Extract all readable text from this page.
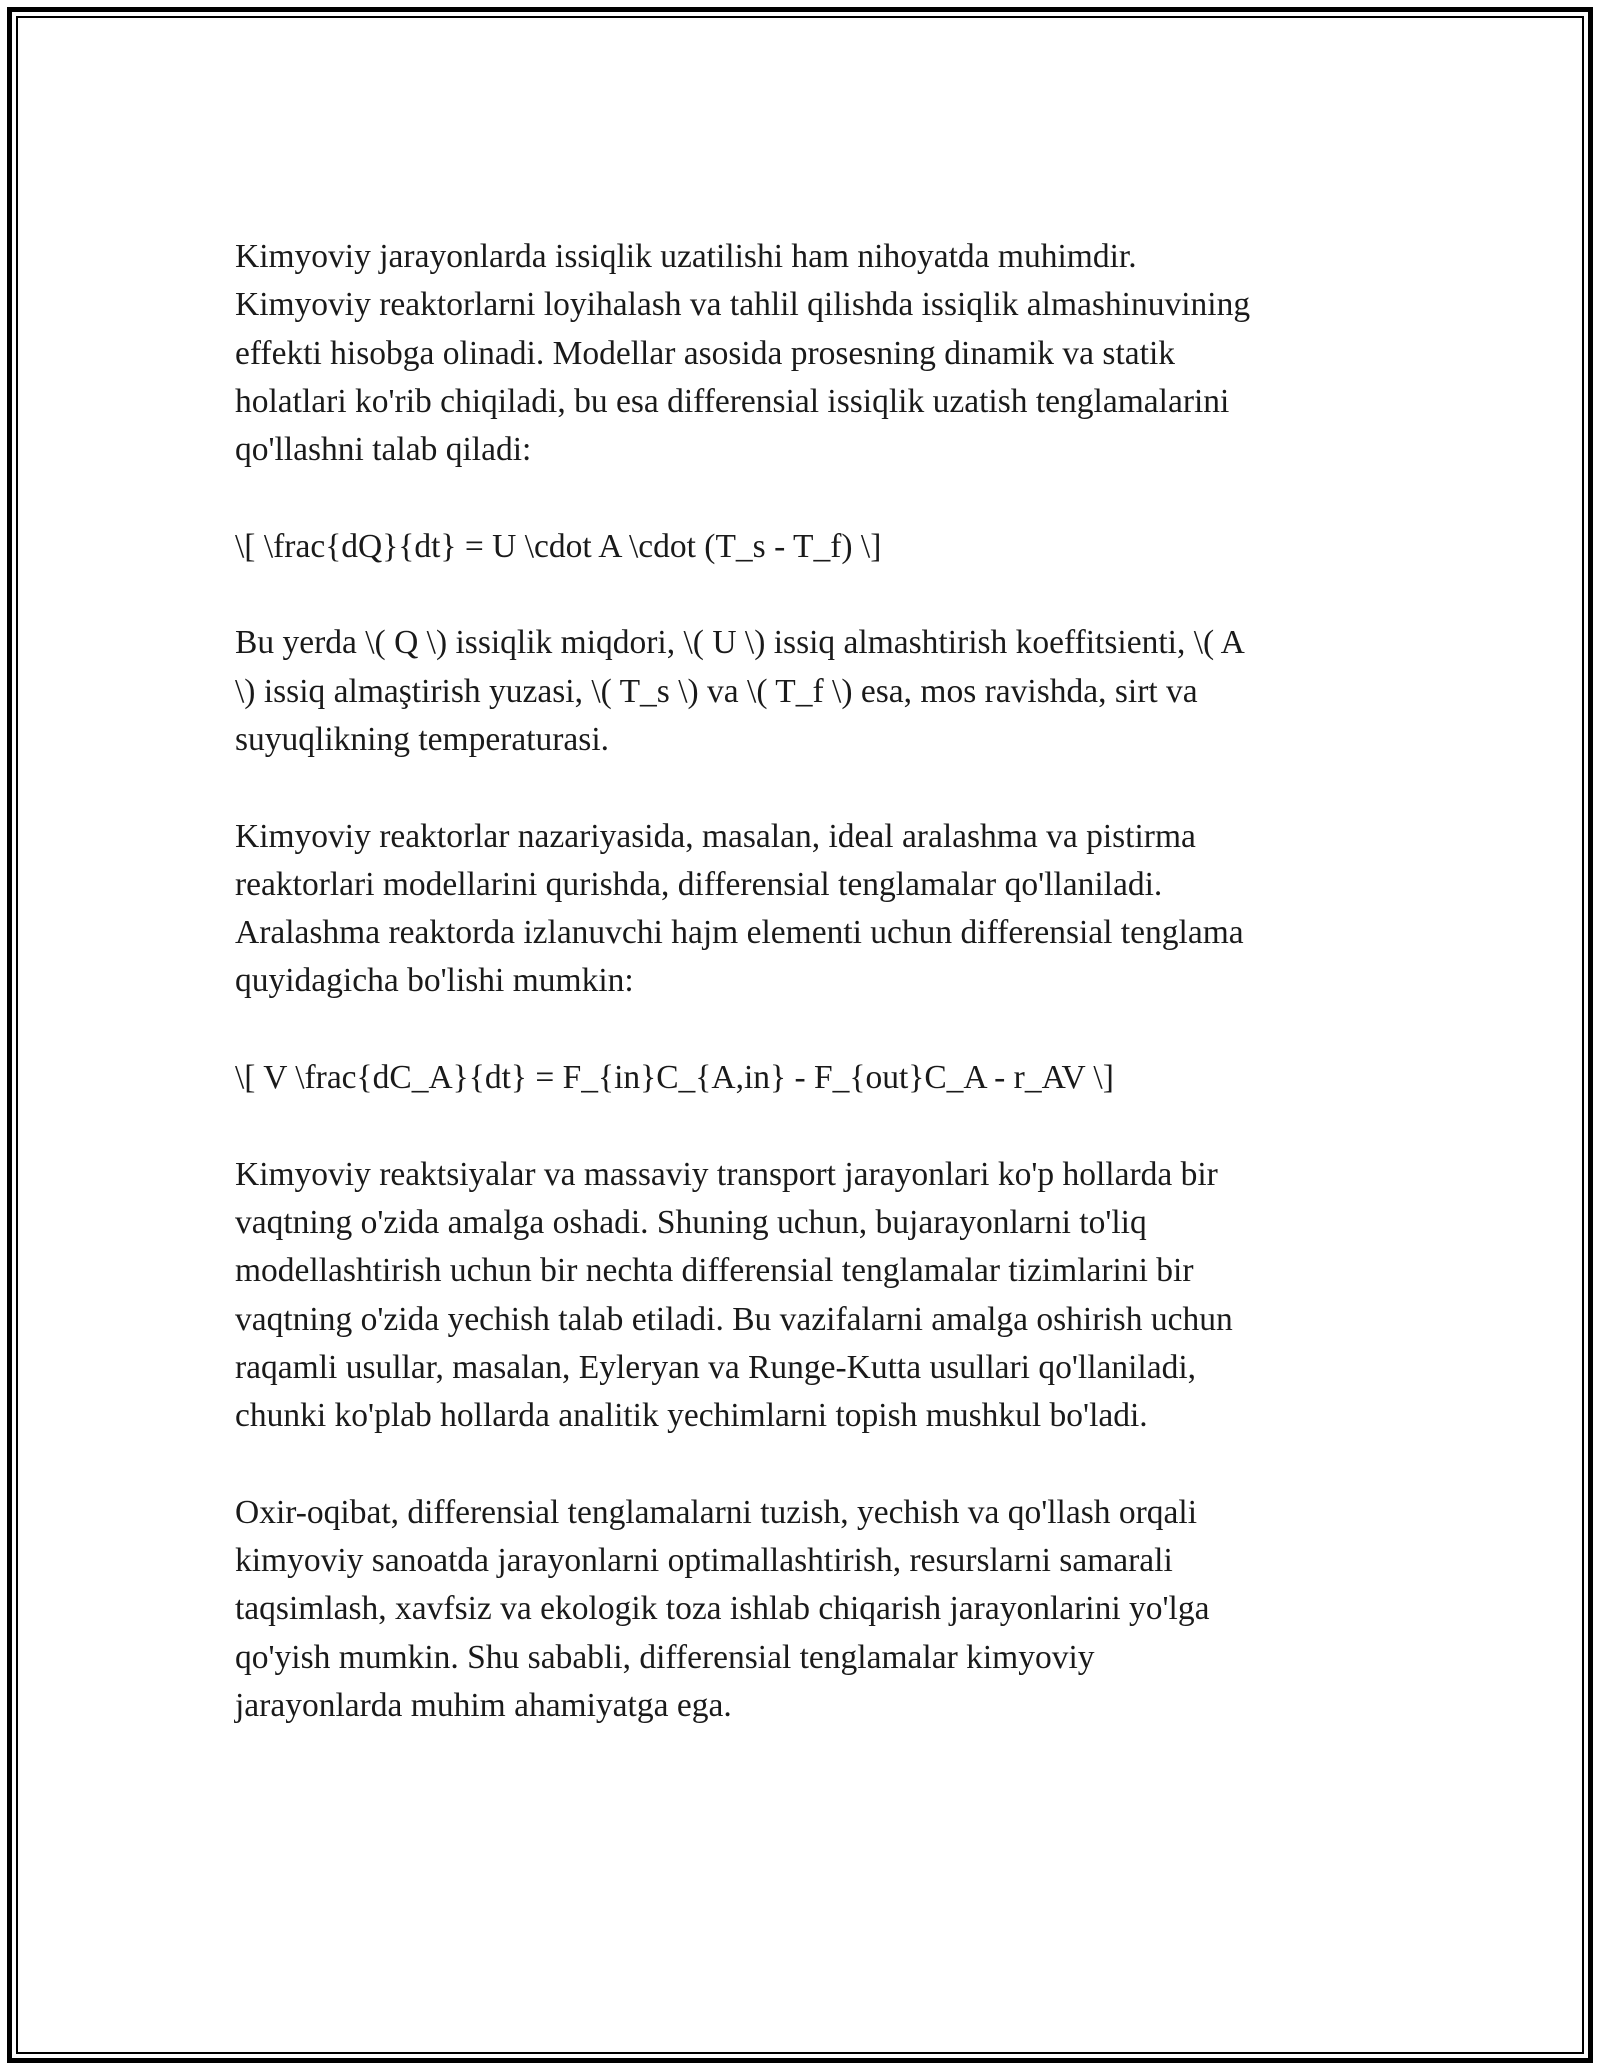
Kimyoviy jarayonlarda issiqlik uzatilishi ham nihoyatda muhimdir.
Kimyoviy reaktorlarni loyihalash va tahlil qilishda issiqlik almashinuvining
effekti hisobga olinadi. Modellar asosida prosesning dinamik va statik
holatlari ko'rib chiqiladi, bu esa differensial issiqlik uzatish tenglamalarini
qo'llashni talab qiladi:

\[ \frac{dQ}{dt} = U \cdot A \cdot (T_s - T_f) \]

Bu yerda \( Q \) issiqlik miqdori, \( U \) issiq almashtirish koeffitsienti, \( A
\) issiq almaştirish yuzasi, \( T_s \) va \( T_f \) esa, mos ravishda, sirt va
suyuqlikning temperaturasi.

Kimyoviy reaktorlar nazariyasida, masalan, ideal aralashma va pistirma
reaktorlari modellarini qurishda, differensial tenglamalar qo'llaniladi.
Aralashma reaktorda izlanuvchi hajm elementi uchun differensial tenglama
quyidagicha bo'lishi mumkin:

\[ V \frac{dC_A}{dt} = F_{in}C_{A,in} - F_{out}C_A - r_AV \]

Kimyoviy reaktsiyalar va massaviy transport jarayonlari ko'p hollarda bir
vaqtning o'zida amalga oshadi. Shuning uchun, bujarayonlarni to'liq
modellashtirish uchun bir nechta differensial tenglamalar tizimlarini bir
vaqtning o'zida yechish talab etiladi. Bu vazifalarni amalga oshirish uchun
raqamli usullar, masalan, Eyleryan va Runge-Kutta usullari qo'llaniladi,
chunki ko'plab hollarda analitik yechimlarni topish mushkul bo'ladi.

Oxir-oqibat, differensial tenglamalarni tuzish, yechish va qo'llash orqali
kimyoviy sanoatda jarayonlarni optimallashtirish, resurslarni samarali
taqsimlash, xavfsiz va ekologik toza ishlab chiqarish jarayonlarini yo'lga
qo'yish mumkin. Shu sababli, differensial tenglamalar kimyoviy
jarayonlarda muhim ahamiyatga ega.
